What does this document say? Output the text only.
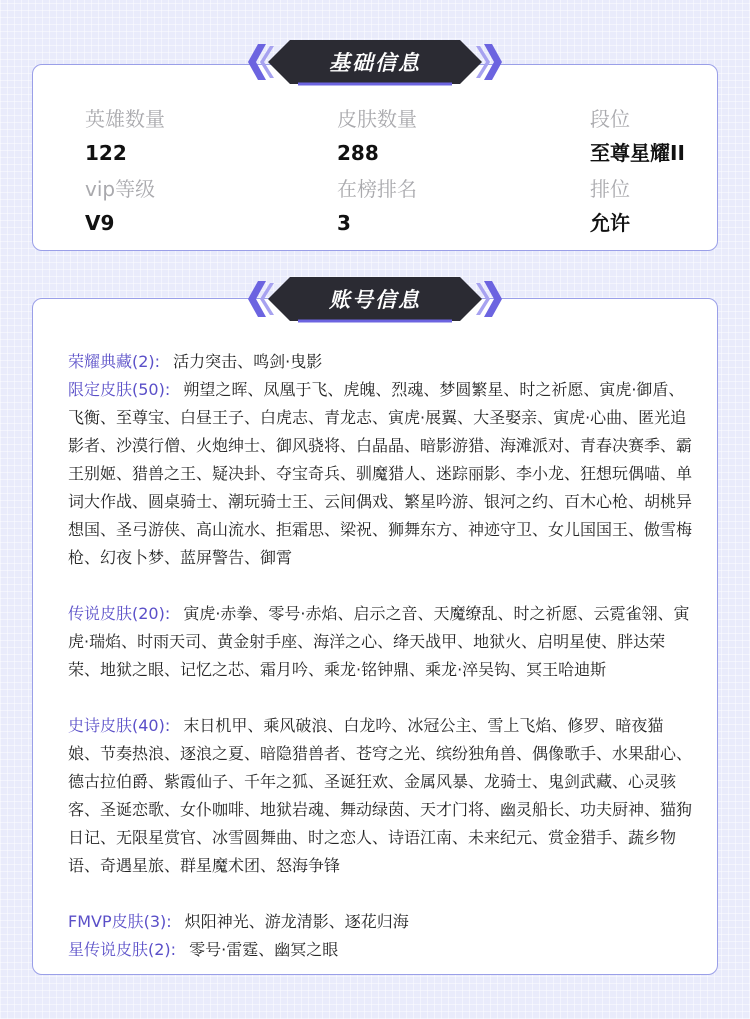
英雄数量
122
皮肤数量
288
段位
至尊星耀II
vip等级
V9
在榜排名
3
排位
允许
基础信息
账号信息
荣耀典藏(2): 活力突击、鸣剑·曳影
限定皮肤(50): 朔望之晖、凤凰于飞、虎魄、烈魂、梦圆繁星、时之祈愿、寅虎·御盾、飞衡、至尊宝、白昼王子、白虎志、青龙志、寅虎·展翼、大圣娶亲、寅虎·心曲、匿光追影者、沙漠行僧、火炮绅士、御风骁将、白晶晶、暗影游猎、海滩派对、青春决赛季、霸王别姬、猎兽之王、疑决卦、夺宝奇兵、驯魔猎人、迷踪丽影、李小龙、狂想玩偶喵、单词大作战、圆桌骑士、潮玩骑士王、云间偶戏、繁星吟游、银河之约、百木心枪、胡桃异想国、圣弓游侠、高山流水、拒霜思、梁祝、狮舞东方、神迹守卫、女儿国国王、傲雪梅枪、幻夜卜梦、蓝屏警告、御霄
传说皮肤(20): 寅虎·赤拳、零号·赤焰、启示之音、天魔缭乱、时之祈愿、云霓雀翎、寅虎·瑞焰、时雨天司、黄金射手座、海洋之心、绛天战甲、地狱火、启明星使、胖达荣荣、地狱之眼、记忆之芯、霜月吟、乘龙·铭钟鼎、乘龙·淬吴钩、冥王哈迪斯
史诗皮肤(40): 末日机甲、乘风破浪、白龙吟、冰冠公主、雪上飞焰、修罗、暗夜猫娘、节奏热浪、逐浪之夏、暗隐猎兽者、苍穹之光、缤纷独角兽、偶像歌手、水果甜心、德古拉伯爵、紫霞仙子、千年之狐、圣诞狂欢、金属风暴、龙骑士、鬼剑武藏、心灵骇客、圣诞恋歌、女仆咖啡、地狱岩魂、舞动绿茵、天才门将、幽灵船长、功夫厨神、猫狗日记、无限星赏官、冰雪圆舞曲、时之恋人、诗语江南、未来纪元、赏金猎手、蔬乡物语、奇遇星旅、群星魔术团、怒海争锋
FMVP皮肤(3): 炽阳神光、游龙清影、逐花归海
星传说皮肤(2): 零号·雷霆、幽冥之眼
